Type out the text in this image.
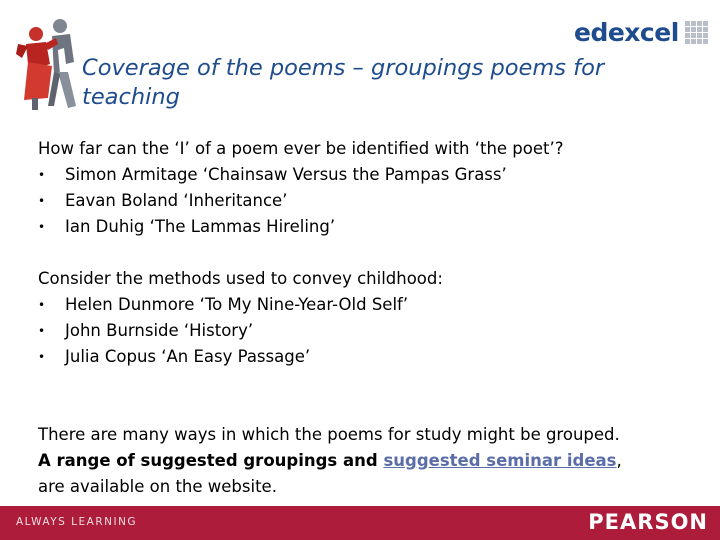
edexcel
Coverage of the poems – groupings poems for
teaching

How far can the ‘I’ of a poem ever be identified with ‘the poet’?

• Simon Armitage ‘Chainsaw Versus the Pampas Grass’
• Eavan Boland ‘Inheritance’
• Ian Duhig ‘The Lammas Hireling’

Consider the methods used to convey childhood:

• Helen Dunmore ‘To My Nine-Year-Old Self’
• John Burnside ‘History’
• Julia Copus ‘An Easy Passage’

There are many ways in which the poems for study might be grouped.

A range of suggested groupings and suggested seminar ideas,

are available on the website.

ALWAYS LEARNING	PEARSON
